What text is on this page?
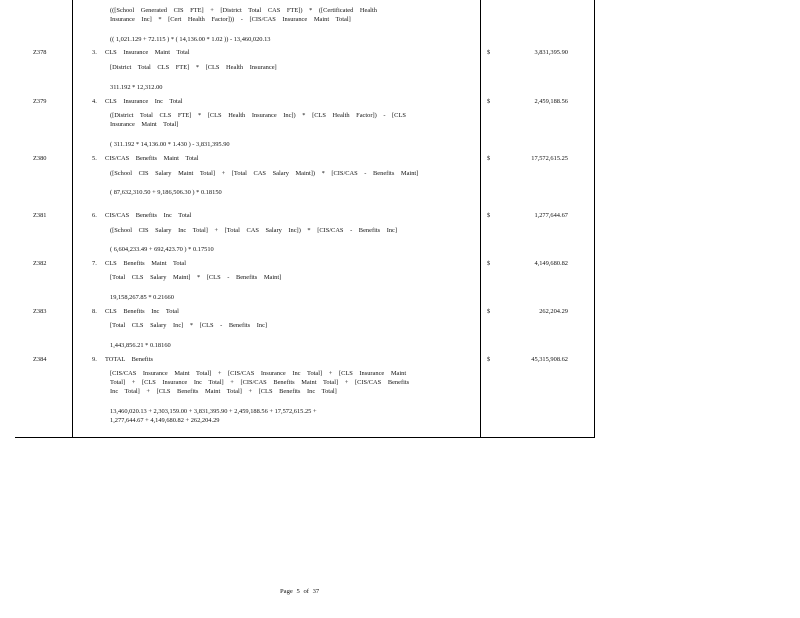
(([School Generated CIS FTE] + [District Total CAS FTE]) * ([Certificated Health
Insurance Inc] * [Cert Health Factor])) - [CIS/CAS Insurance Maint Total]
(( 1,021.129 + 72.115 ) * ( 14,136.00 * 1.02 )) - 13,460,020.13
Z378	3. CLS Insurance Maint Total	$	3,831,395.90
[District Total CLS FTE] * [CLS Health Insurance]
311.192 * 12,312.00
Z379	4. CLS Insurance Inc Total	$	2,459,188.56
([District Total CLS FTE] * [CLS Health Insurance Inc]) * [CLS Health Factor]) - [CLS
Insurance Maint Total]
( 311.192 * 14,136.00 * 1.430 ) - 3,831,395.90
Z380	5. CIS/CAS Benefits Maint Total	$	17,572,615.25
([School CIS Salary Maint Total] + [Total CAS Salary Maint]) * [CIS/CAS - Benefits Maint]
( 87,632,310.50 + 9,186,506.30 ) * 0.18150
Z381	6. CIS/CAS Benefits Inc Total	$	1,277,644.67
([School CIS Salary Inc Total] + [Total CAS Salary Inc]) * [CIS/CAS - Benefits Inc]
( 6,604,233.49 + 692,423.70 ) * 0.17510
Z382	7. CLS Benefits Maint Total	$	4,149,680.82
[Total CLS Salary Maint] * [CLS - Benefits Maint]
19,158,267.85 * 0.21660
Z383	8. CLS Benefits Inc Total	$	262,204.29
[Total CLS Salary Inc] * [CLS - Benefits Inc]
1,443,856.21 * 0.18160
Z384	9. TOTAL Benefits	$	45,315,908.62
[CIS/CAS Insurance Maint Total] + [CIS/CAS Insurance Inc Total] + [CLS Insurance Maint
Total] + [CLS Insurance Inc Total] + [CIS/CAS Benefits Maint Total] + [CIS/CAS Benefits
Inc Total] + [CLS Benefits Maint Total] + [CLS Benefits Inc Total]
13,460,020.13 + 2,303,159.00 + 3,831,395.90 + 2,459,188.56 + 17,572,615.25 +
1,277,644.67 + 4,149,680.82 + 262,204.29
Page 5 of 37
